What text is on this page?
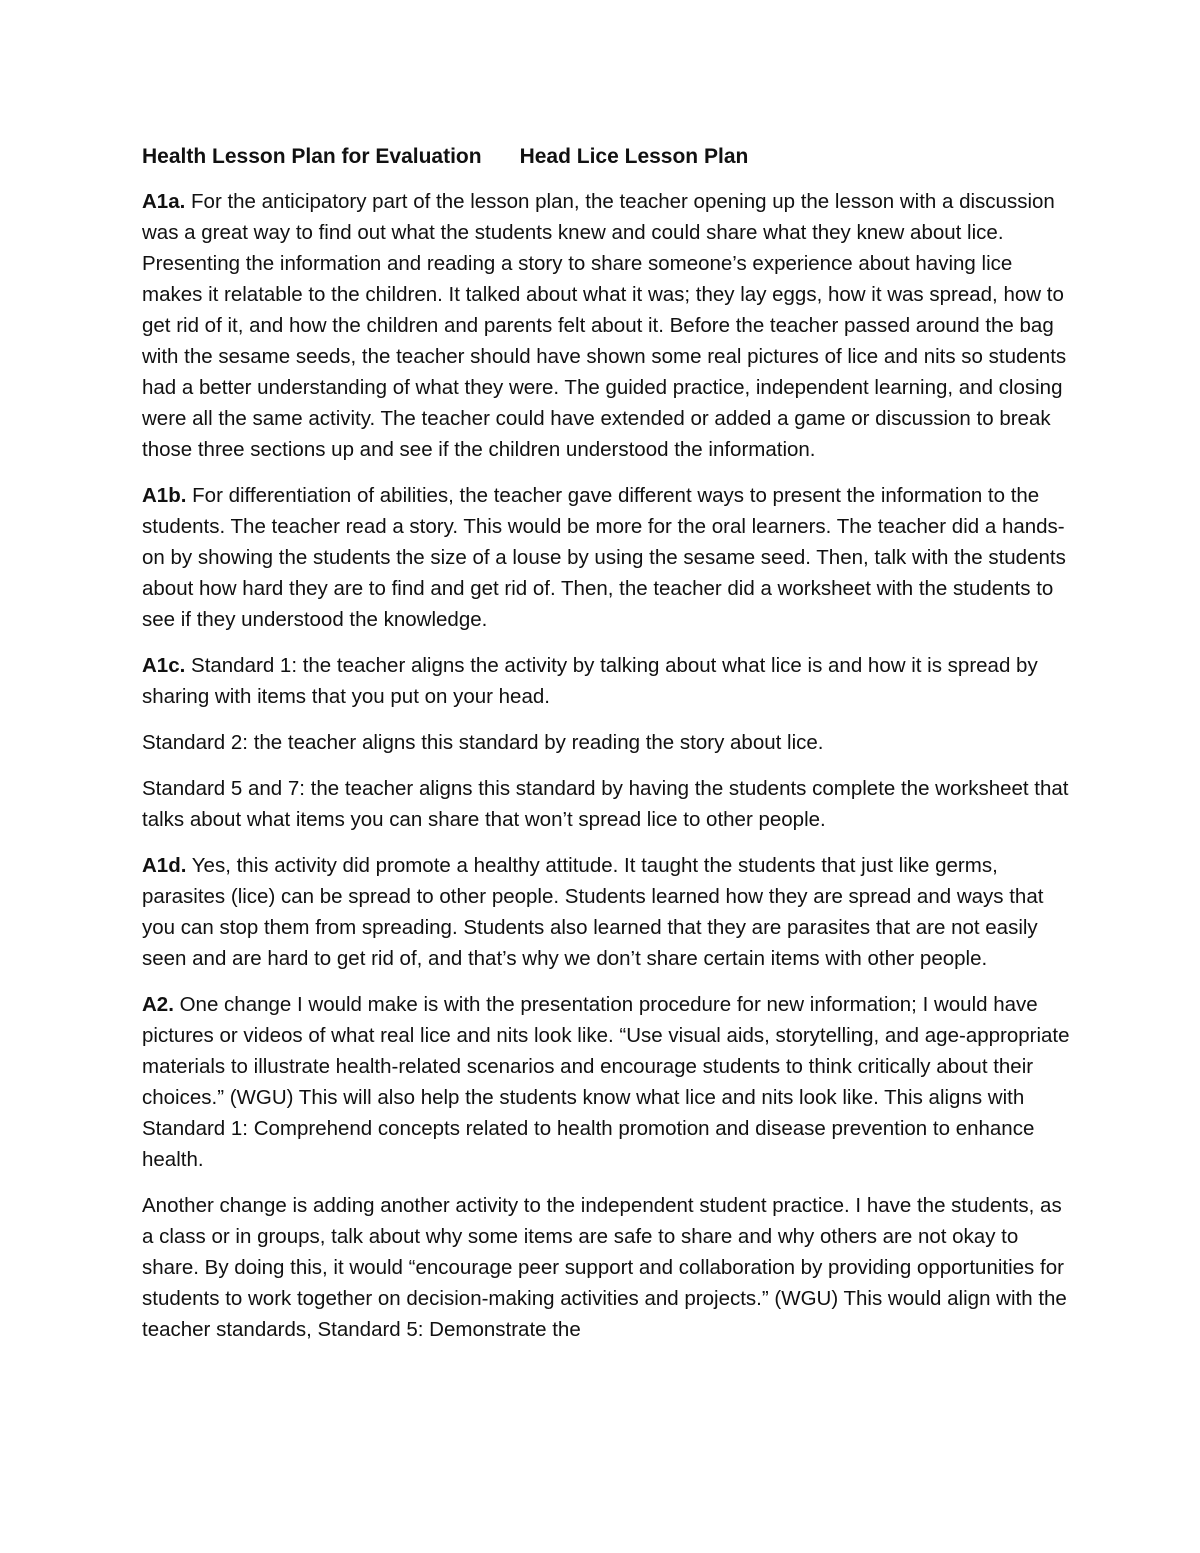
Health Lesson Plan for Evaluation Head Lice Lesson Plan

A1a. For the anticipatory part of the lesson plan, the teacher opening up the lesson with a discussion was a great way to find out what the students knew and could share what they knew about lice. Presenting the information and reading a story to share someone’s experience about having lice makes it relatable to the children. It talked about what it was; they lay eggs, how it was spread, how to get rid of it, and how the children and parents felt about it. Before the teacher passed around the bag with the sesame seeds, the teacher should have shown some real pictures of lice and nits so students had a better understanding of what they were. The guided practice, independent learning, and closing were all the same activity. The teacher could have extended or added a game or discussion to break those three sections up and see if the children understood the information.

A1b. For differentiation of abilities, the teacher gave different ways to present the information to the students. The teacher read a story. This would be more for the oral learners. The teacher did a hands-on by showing the students the size of a louse by using the sesame seed. Then, talk with the students about how hard they are to find and get rid of. Then, the teacher did a worksheet with the students to see if they understood the knowledge.

A1c. Standard 1: the teacher aligns the activity by talking about what lice is and how it is spread by sharing with items that you put on your head.

Standard 2: the teacher aligns this standard by reading the story about lice.

Standard 5 and 7: the teacher aligns this standard by having the students complete the worksheet that talks about what items you can share that won’t spread lice to other people.

A1d. Yes, this activity did promote a healthy attitude. It taught the students that just like germs, parasites (lice) can be spread to other people. Students learned how they are spread and ways that you can stop them from spreading. Students also learned that they are parasites that are not easily seen and are hard to get rid of, and that’s why we don’t share certain items with other people.

A2. One change I would make is with the presentation procedure for new information; I would have pictures or videos of what real lice and nits look like. “Use visual aids, storytelling, and age-appropriate materials to illustrate health-related scenarios and encourage students to think critically about their choices.” (WGU) This will also help the students know what lice and nits look like. This aligns with Standard 1: Comprehend concepts related to health promotion and disease prevention to enhance health.

Another change is adding another activity to the independent student practice. I have the students, as a class or in groups, talk about why some items are safe to share and why others are not okay to share. By doing this, it would “encourage peer support and collaboration by providing opportunities for students to work together on decision-making activities and projects.” (WGU) This would align with the teacher standards, Standard 5: Demonstrate the
